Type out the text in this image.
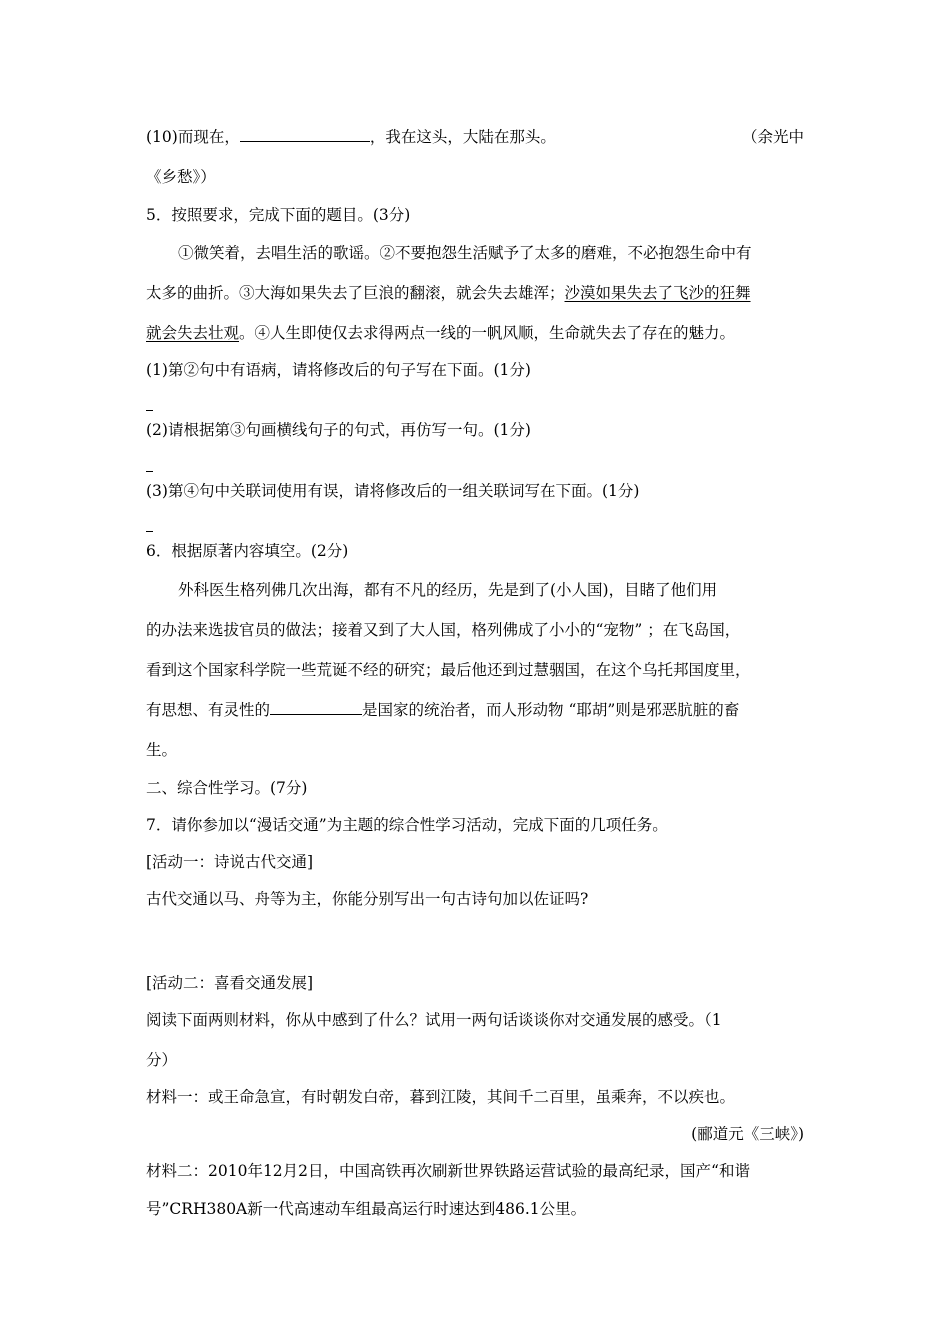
(10)而现在，	，我在这头，大陆在那头。	（余光中
《乡愁》）
5．按照要求，完成下面的题目。(3分)
①微笑着，去唱生活的歌谣。②不要抱怨生活赋予了太多的磨难，不必抱怨生命中有
太多的曲折。③大海如果失去了巨浪的翻滚，就会失去雄浑；沙漠如果失去了飞沙的狂舞
就会失去壮观。④人生即使仅去求得两点一线的一帆风顺，生命就失去了存在的魅力。
(1)第②句中有语病，请将修改后的句子写在下面。(1分)
(2)请根据第③句画横线句子的句式，再仿写一句。(1分)
(3)第④句中关联词使用有误，请将修改后的一组关联词写在下面。(1分)
6．根据原著内容填空。(2分)
外科医生格列佛几次出海，都有不凡的经历，先是到了(小人国)，目睹了他们用
的办法来选拔官员的做法；接着又到了大人国，格列佛成了小小的“宠物” ；在飞岛国，
看到这个国家科学院一些荒诞不经的研究；最后他还到过慧骃国，在这个乌托邦国度里，
有思想、有灵性的	是国家的统治者，而人形动物 “耶胡”则是邪恶肮脏的畜
生。
二、综合性学习。(7分)
7．请你参加以“漫话交通”为主题的综合性学习活动，完成下面的几项任务。
[活动一：诗说古代交通]
古代交通以马、舟等为主，你能分别写出一句古诗句加以佐证吗?
[活动二：喜看交通发展]
阅读下面两则材料，你从中感到了什么？试用一两句话谈谈你对交通发展的感受。（1
分）
材料一：或王命急宣，有时朝发白帝，暮到江陵，其间千二百里，虽乘奔，不以疾也。
(郦道元《三峡》)
材料二：2010年12月2日，中国高铁再次刷新世界铁路运营试验的最高纪录，国产“和谐
号”CRH380A新一代高速动车组最高运行时速达到486.1公里。
